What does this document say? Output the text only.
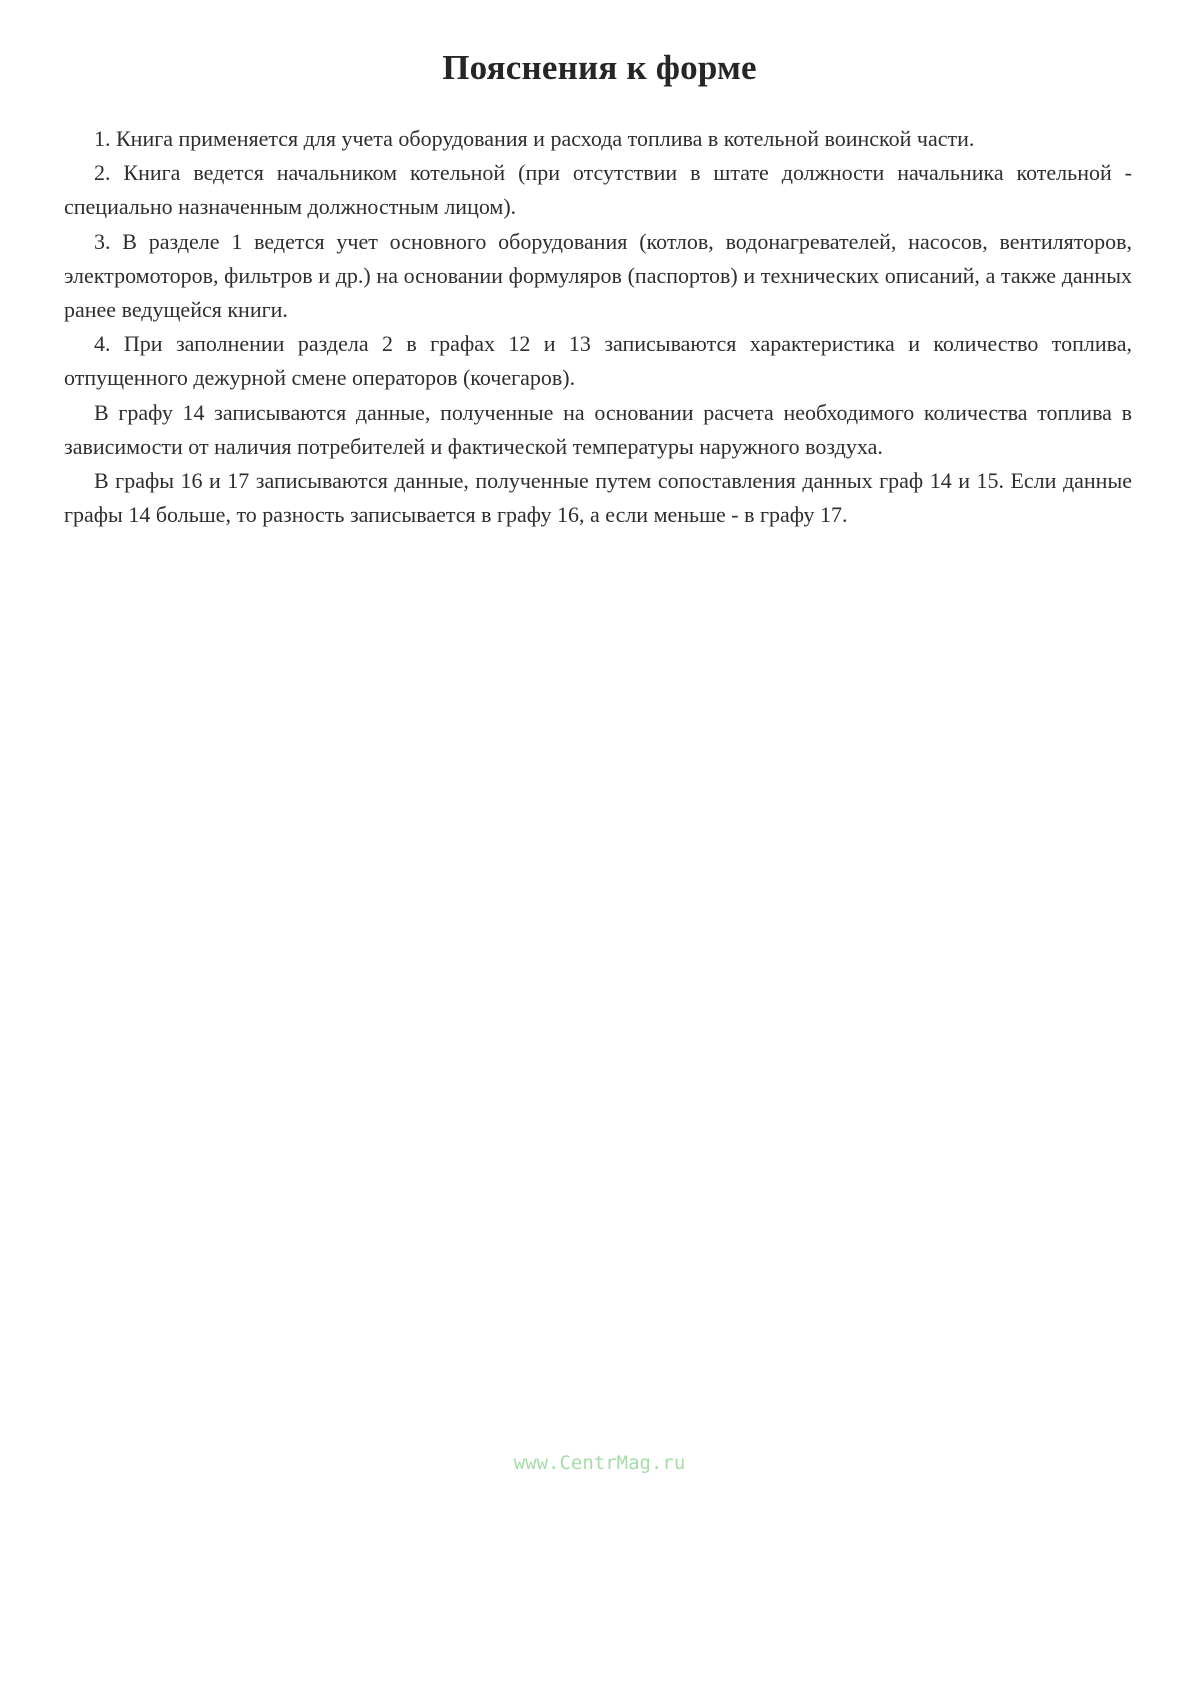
Пояснения к форме

1. Книга применяется для учета оборудования и расхода топлива в котельной воинской части.

2. Книга ведется начальником котельной (при отсутствии в штате должности начальника котельной - специально назначенным должностным лицом).

3. В разделе 1 ведется учет основного оборудования (котлов, водонагревателей, насосов, вентиляторов, электромоторов, фильтров и др.) на основании формуляров (паспортов) и технических описаний, а также данных ранее ведущейся книги.

4. При заполнении раздела 2 в графах 12 и 13 записываются характеристика и количество топлива, отпущенного дежурной смене операторов (кочегаров).

В графу 14 записываются данные, полученные на основании расчета необходимого количества топлива в зависимости от наличия потребителей и фактической температуры наружного воздуха.

В графы 16 и 17 записываются данные, полученные путем сопоставления данных граф 14 и 15. Если данные графы 14 больше, то разность записывается в графу 16, а если меньше - в графу 17.

www.CentrMag.ru
